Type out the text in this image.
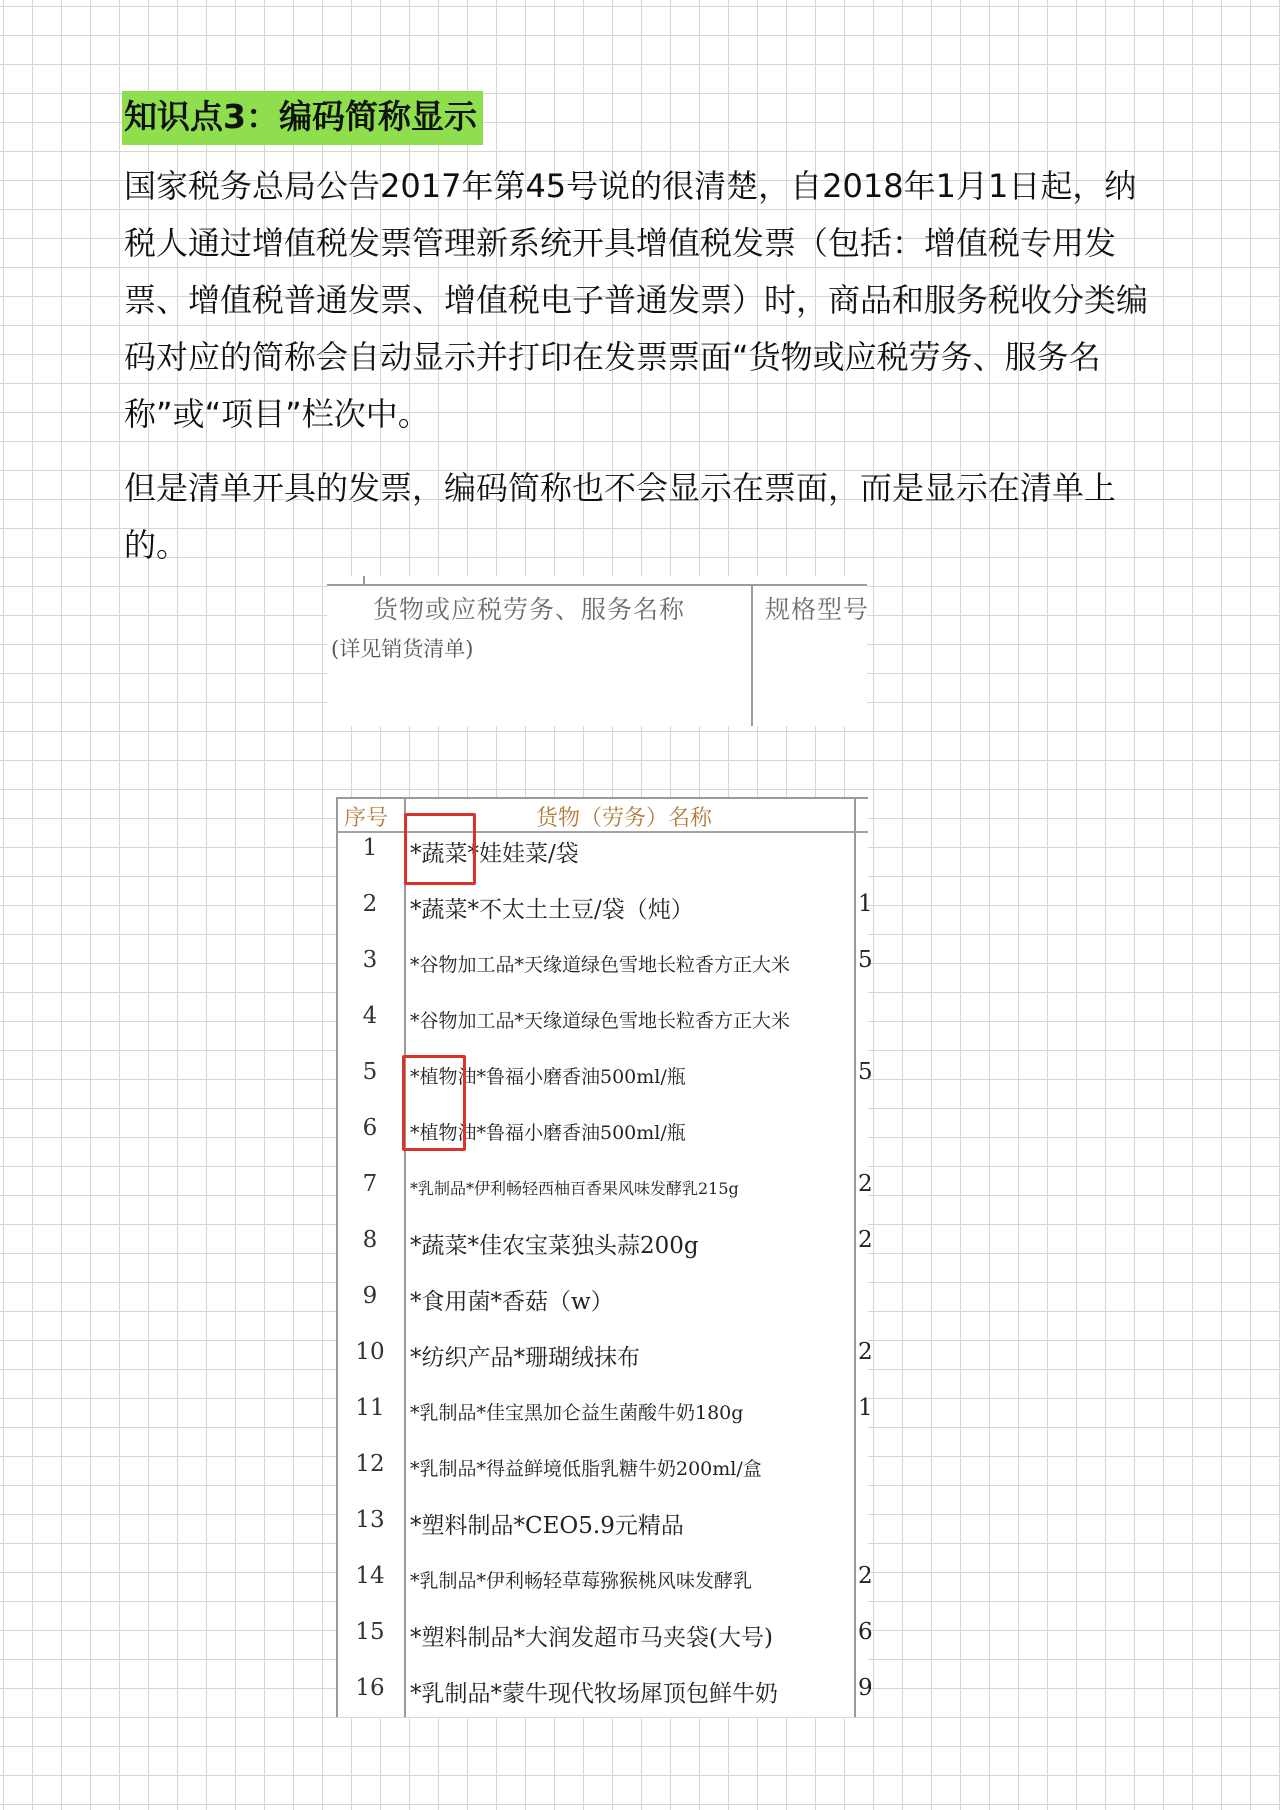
知识点3：编码简称显示

国家税务总局公告2017年第45号说的很清楚，自2018年1月1日起，纳税人通过增值税发票管理新系统开具增值税发票（包括：增值税专用发票、增值税普通发票、增值税电子普通发票）时，商品和服务税收分类编码对应的简称会自动显示并打印在发票票面“货物或应税劳务、服务名称”或“项目”栏次中。

但是清单开具的发票，编码简称也不会显示在票面，而是显示在清单上的。

货物或应税劳务、服务名称	规格型号
(详见销货清单)
序号	货物（劳务）名称
1	*蔬菜*娃娃菜/袋
2	*蔬菜*不太土土豆/袋（炖）	1
3	*谷物加工品*天缘道绿色雪地长粒香方正大米	5
4	*谷物加工品*天缘道绿色雪地长粒香方正大米
5	*植物油*鲁福小磨香油500ml/瓶	5
6	*植物油*鲁福小磨香油500ml/瓶
7	*乳制品*伊利畅轻西柚百香果风味发酵乳215g	2
8	*蔬菜*佳农宝菜独头蒜200g	2
9	*食用菌*香菇（w）
10	*纺织产品*珊瑚绒抹布	2
11	*乳制品*佳宝黑加仑益生菌酸牛奶180g	1
12	*乳制品*得益鲜境低脂乳糖牛奶200ml/盒
13	*塑料制品*CEO5.9元精品
14	*乳制品*伊利畅轻草莓猕猴桃风味发酵乳	2
15	*塑料制品*大润发超市马夹袋(大号)	6
16	*乳制品*蒙牛现代牧场犀顶包鲜牛奶	9
